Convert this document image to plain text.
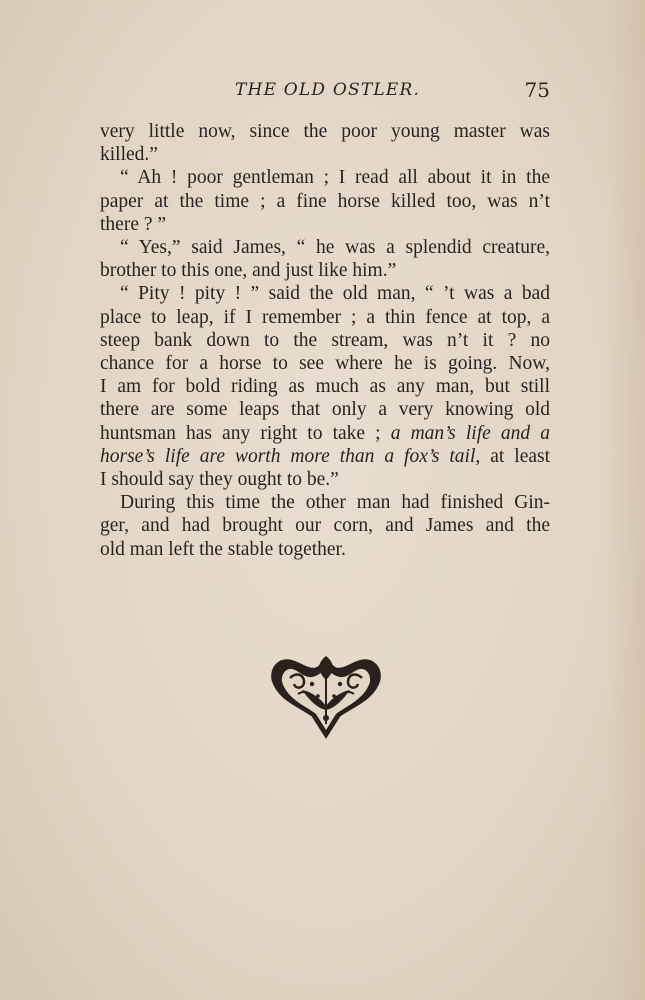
THE OLD OSTLER.	75
very little now, since the poor young master was
killed.”
“ Ah ! poor gentleman ; I read all about it in the
paper at the time ; a fine horse killed too, was n’t
there ? ”
“ Yes,” said James, “ he was a splendid creature,
brother to this one, and just like him.”
“ Pity ! pity ! ” said the old man, “ ’t was a bad
place to leap, if I remember ; a thin fence at top, a
steep bank down to the stream, was n’t it ? no
chance for a horse to see where he is going. Now,
I am for bold riding as much as any man, but still
there are some leaps that only a very knowing old
huntsman has any right to take ; a man’s life and a
horse’s life are worth more than a fox’s tail, at least
I should say they ought to be.”
During this time the other man had finished Gin-
ger, and had brought our corn, and James and the
old man left the stable together.
